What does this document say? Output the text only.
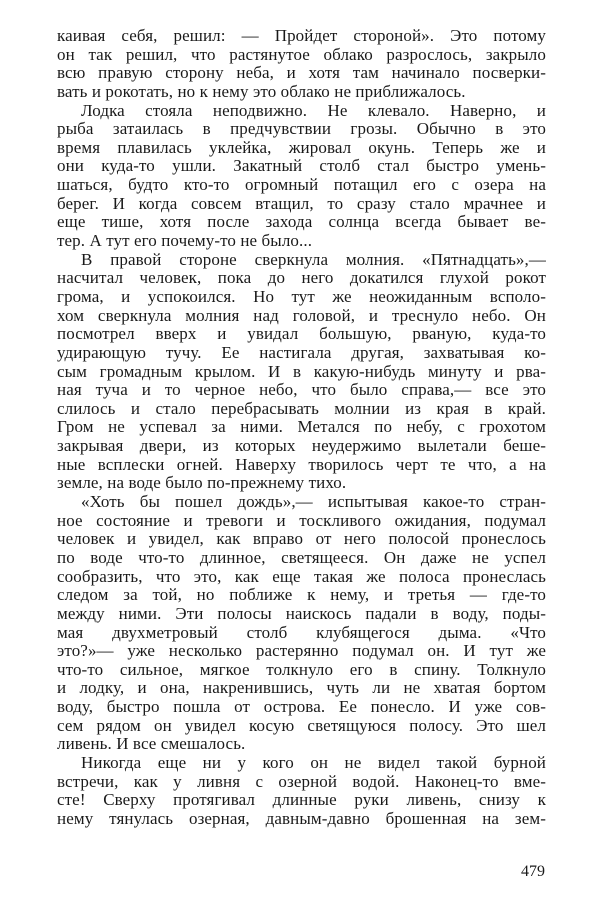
каивая себя, решил: — Пройдет стороной». Это потому
он так решил, что растянутое облако разрослось, закрыло
всю правую сторону неба, и хотя там начинало посверки-
вать и рокотать, но к нему это облако не приближалось.
Лодка стояла неподвижно. Не клевало. Наверно, и
рыба затаилась в предчувствии грозы. Обычно в это
время плавилась уклейка, жировал окунь. Теперь же и
они куда-то ушли. Закатный столб стал быстро умень-
шаться, будто кто-то огромный потащил его с озера на
берег. И когда совсем втащил, то сразу стало мрачнее и
еще тише, хотя после захода солнца всегда бывает ве-
тер. А тут его почему-то не было...
В правой стороне сверкнула молния. «Пятнадцать»,—
насчитал человек, пока до него докатился глухой рокот
грома, и успокоился. Но тут же неожиданным всполо-
хом сверкнула молния над головой, и треснуло небо. Он
посмотрел вверх и увидал большую, рваную, куда-то
удирающую тучу. Ее настигала другая, захватывая ко-
сым громадным крылом. И в какую-нибудь минуту и рва-
ная туча и то черное небо, что было справа,— все это
слилось и стало перебрасывать молнии из края в край.
Гром не успевал за ними. Метался по небу, с грохотом
закрывая двери, из которых неудержимо вылетали беше-
ные всплески огней. Наверху творилось черт те что, а на
земле, на воде было по-прежнему тихо.
«Хоть бы пошел дождь»,— испытывая какое-то стран-
ное состояние и тревоги и тоскливого ожидания, подумал
человек и увидел, как вправо от него полосой пронеслось
по воде что-то длинное, светящееся. Он даже не успел
сообразить, что это, как еще такая же полоса пронеслась
следом за той, но поближе к нему, и третья — где-то
между ними. Эти полосы наискось падали в воду, поды-
мая двухметровый столб клубящегося дыма. «Что
это?»— уже несколько растерянно подумал он. И тут же
что-то сильное, мягкое толкнуло его в спину. Толкнуло
и лодку, и она, накренившись, чуть ли не хватая бортом
воду, быстро пошла от острова. Ее понесло. И уже сов-
сем рядом он увидел косую светящуюся полосу. Это шел
ливень. И все смешалось.
Никогда еще ни у кого он не видел такой бурной
встречи, как у ливня с озерной водой. Наконец-то вме-
сте! Сверху протягивал длинные руки ливень, снизу к
нему тянулась озерная, давным-давно брошенная на зем-
479
